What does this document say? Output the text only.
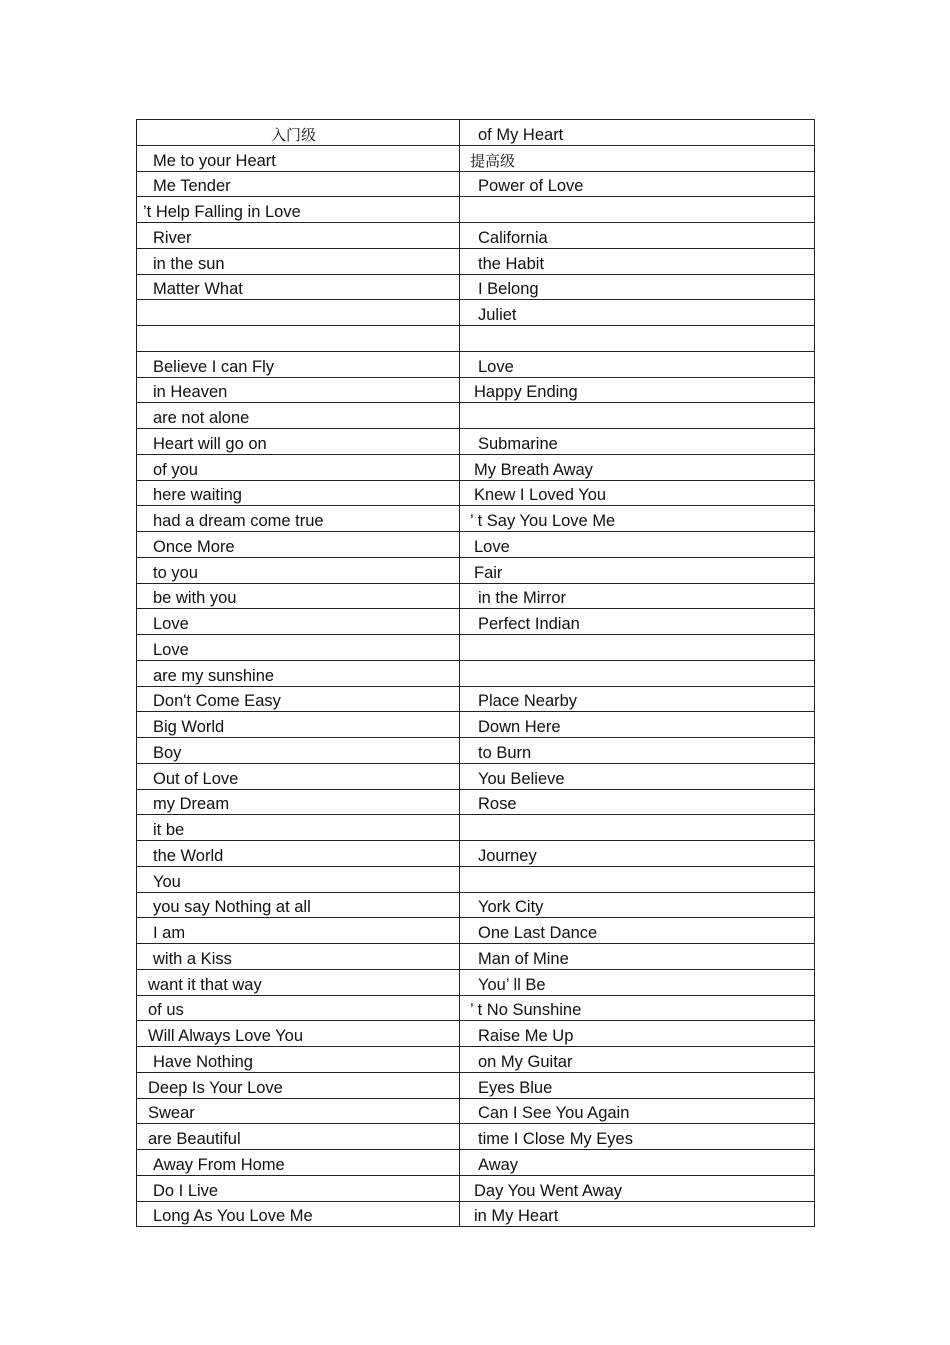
入门级	of My Heart

Me to your Heart	提高级

Me Tender	Power of Love

’t Help Falling in Love	

River	California

in the sun	the Habit

Matter What	I Belong

	Juliet

Believe I can Fly	Love

in Heaven	Happy Ending

are not alone	

Heart will go on	Submarine

of you	My Breath Away

here waiting	Knew I Loved You

had a dream come true	’ t Say You Love Me

Once More	Love

to you	Fair

be with you	in the Mirror

Love	Perfect Indian

Love	

are my sunshine	

Don't Come Easy	Place Nearby

Big World	Down Here

Boy	to Burn

Out of Love	You Believe

my Dream	Rose

it be	

the World	Journey

You	

you say Nothing at all	York City

I am	One Last Dance

with a Kiss	Man of Mine

want it that way	You’ ll Be

of us	’ t No Sunshine

Will Always Love You	Raise Me Up

Have Nothing	on My Guitar

Deep Is Your Love	Eyes Blue

Swear	Can I See You Again

are Beautiful	time I Close My Eyes

Away From Home	Away

Do I Live	Day You Went Away

Long As You Love Me	in My Heart
